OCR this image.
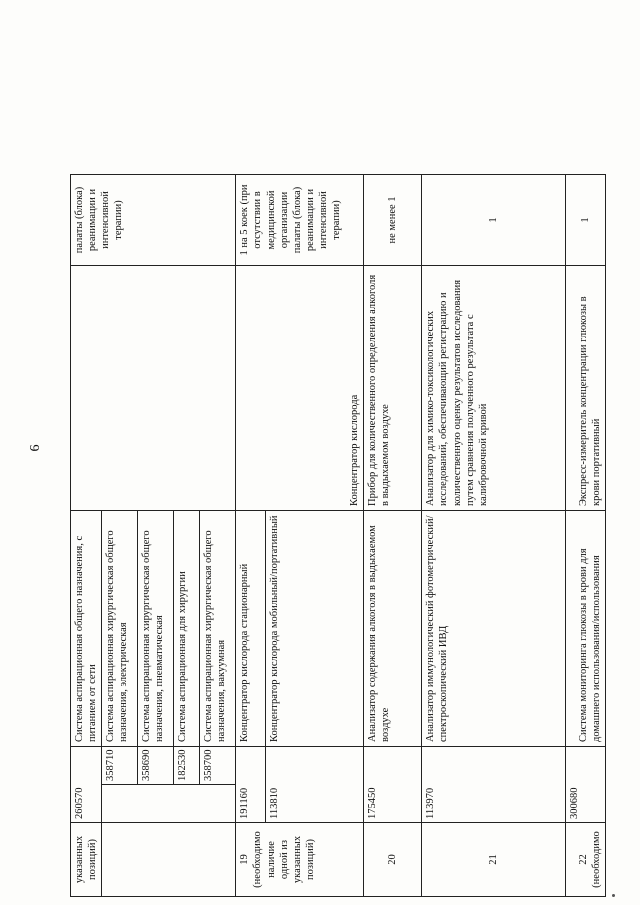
6
указанных позиций)	260570		Система аспирационная общего назначения, с питанием от сети		палаты (блока) реанимации и интенсивной терапии)	
		358710	Система аспирационная хирургическая общего назначения, электрическая			
		358690	Система аспирационная хирургическая общего назначения, пневматическая			
		182530	Система аспирационная для хирургии			
		358700	Система аспирационная хирургическая общего назначения, вакуумная			
19 (необходимо наличие одной из указанных позиций)	191160		Концентратор кислорода стационарный	Концентратор кислорода	1 на 5 коек (при отсутствии в медицинской организации палаты (блока) реанимации и интенсивной терапии)	
	113810		Концентратор кислорода мобильный/портативный			
20	175450		Анализатор содержания алкоголя в выдыхаемом воздухе	Прибор для количественного определения алкоголя в выдыхаемом воздухе	не менее 1	
21	113970		Анализатор иммунологический фотометрический/спектроскопический ИВД	Анализатор для химико-токсикологических исследований, обеспечивающий регистрацию и количественную оценку результатов исследования путем сравнения полученного результата с калибровочной кривой	1	
22 (необходимо	300680		Система мониторинга глюкозы в крови для домашнего использования/использования	Экспресс-измеритель концентрации глюкозы в крови портативный	1	
